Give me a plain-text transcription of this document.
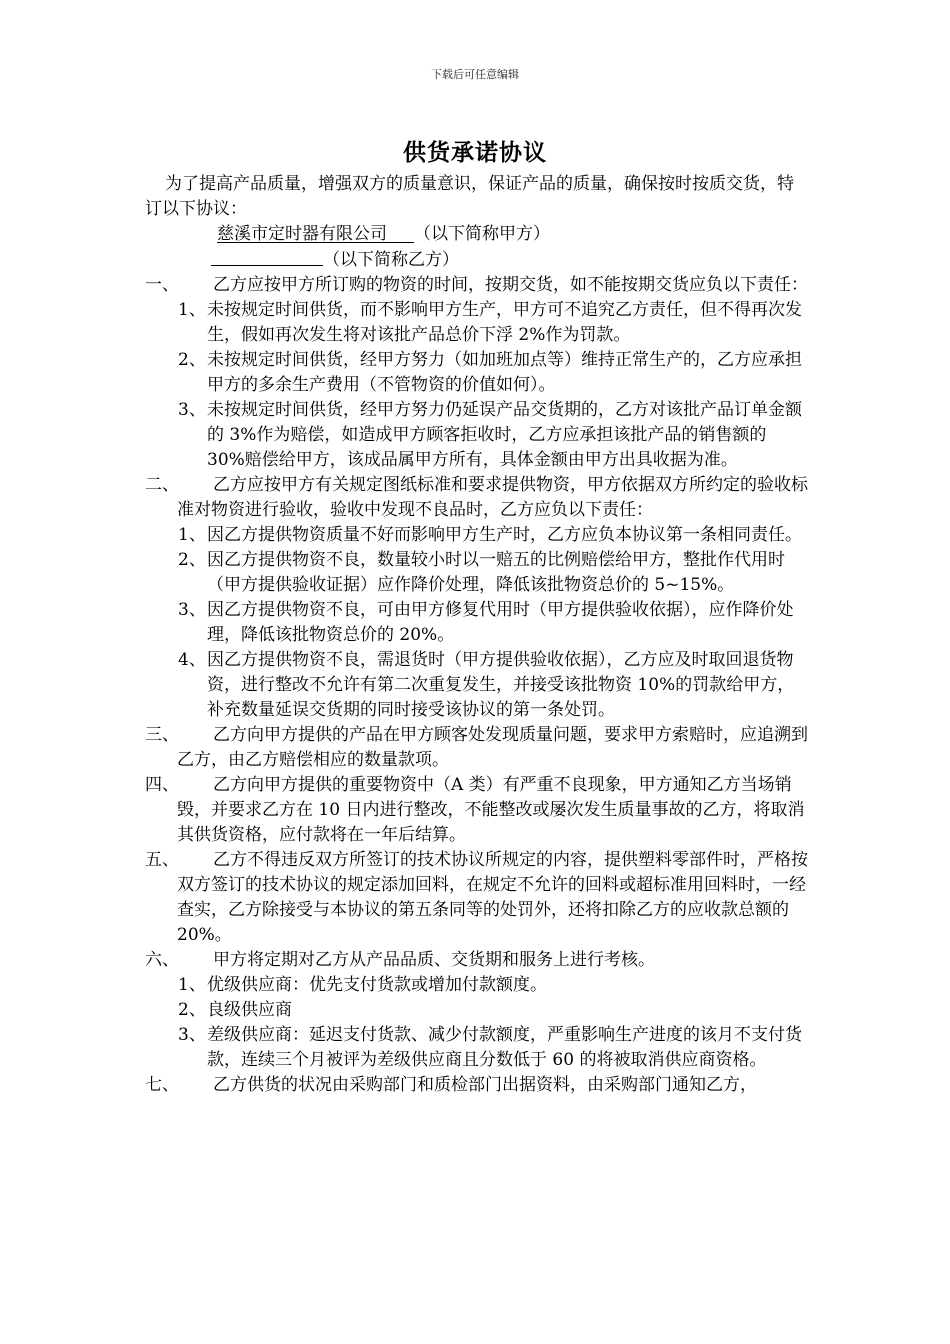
下载后可任意编辑
供货承诺协议

为了提高产品质量，增强双方的质量意识，保证产品的质量，确保按时按质交货，特订以下协议：

慈溪市定时器有限公司 （以下简称甲方）

（以下简称乙方）

一、	乙方应按甲方所订购的物资的时间，按期交货，如不能按期交货应负以下责任：

1、 未按规定时间供货，而不影响甲方生产，甲方可不追究乙方责任，但不得再次发生，假如再次发生将对该批产品总价下浮 2%作为罚款。

2、 未按规定时间供货，经甲方努力（如加班加点等）维持正常生产的，乙方应承担甲方的多余生产费用（不管物资的价值如何）。

3、 未按规定时间供货，经甲方努力仍延误产品交货期的，乙方对该批产品订单金额的 3%作为赔偿，如造成甲方顾客拒收时，乙方应承担该批产品的销售额的 30%赔偿给甲方，该成品属甲方所有，具体金额由甲方出具收据为准。

二、	乙方应按甲方有关规定图纸标准和要求提供物资，甲方依据双方所约定的验收标准对物资进行验收，验收中发现不良品时，乙方应负以下责任：

1、 因乙方提供物资质量不好而影响甲方生产时，乙方应负本协议第一条相同责任。

2、 因乙方提供物资不良，数量较小时以一赔五的比例赔偿给甲方，整批作代用时（甲方提供验收证据）应作降价处理，降低该批物资总价的 5~15%。

3、 因乙方提供物资不良，可由甲方修复代用时（甲方提供验收依据），应作降价处理，降低该批物资总价的 20%。

4、 因乙方提供物资不良，需退货时（甲方提供验收依据），乙方应及时取回退货物资，进行整改不允许有第二次重复发生，并接受该批物资 10%的罚款给甲方，补充数量延误交货期的同时接受该协议的第一条处罚。

三、	乙方向甲方提供的产品在甲方顾客处发现质量问题，要求甲方索赔时，应追溯到乙方，由乙方赔偿相应的数量款项。

四、	乙方向甲方提供的重要物资中（A 类）有严重不良现象，甲方通知乙方当场销毁，并要求乙方在 10 日内进行整改，不能整改或屡次发生质量事故的乙方，将取消其供货资格，应付款将在一年后结算。

五、	乙方不得违反双方所签订的技术协议所规定的内容，提供塑料零部件时，严格按双方签订的技术协议的规定添加回料，在规定不允许的回料或超标准用回料时，一经查实，乙方除接受与本协议的第五条同等的处罚外，还将扣除乙方的应收款总额的 20%。

六、	甲方将定期对乙方从产品品质、交货期和服务上进行考核。

1、 优级供应商：优先支付货款或增加付款额度。

2、 良级供应商

3、 差级供应商：延迟支付货款、减少付款额度，严重影响生产进度的该月不支付货款，连续三个月被评为差级供应商且分数低于 60 的将被取消供应商资格。

七、	乙方供货的状况由采购部门和质检部门出据资料，由采购部门通知乙方，
